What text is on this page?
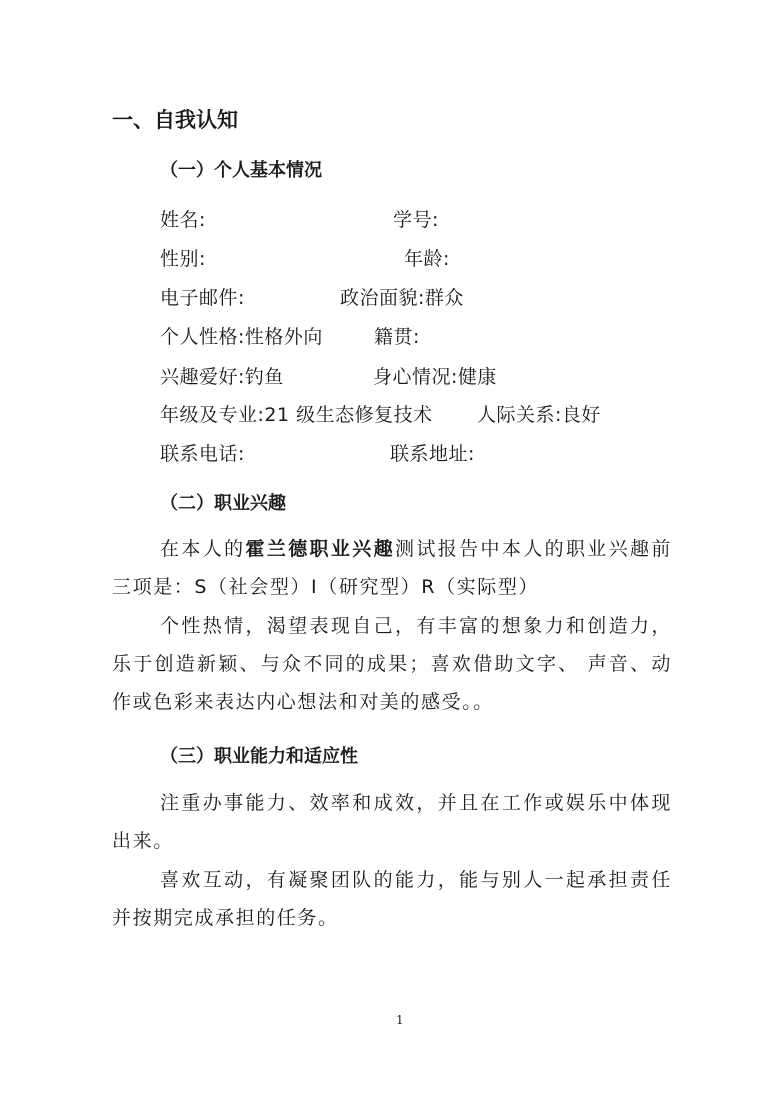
一、自我认知
（一）个人基本情况
姓名:	学号:
性别:	年龄:
电子邮件:	政治面貌:群众
个人性格:性格外向	籍贯:
兴趣爱好:钓鱼	身心情况:健康
年级及专业:21 级生态修复技术 人际关系:良好
联系电话:	联系地址:
（二）职业兴趣
在本人的霍兰德职业兴趣测试报告中本人的职业兴趣前三项是：S（社会型）I（研究型）R（实际型）
个性热情，渴望表现自己，有丰富的想象力和创造力，乐于创造新颖、与众不同的成果；喜欢借助文字、 声音、动作或色彩来表达内心想法和对美的感受。。
（三）职业能力和适应性
注重办事能力、效率和成效，并且在工作或娱乐中体现出来。
喜欢互动，有凝聚团队的能力，能与别人一起承担责任并按期完成承担的任务。
1
